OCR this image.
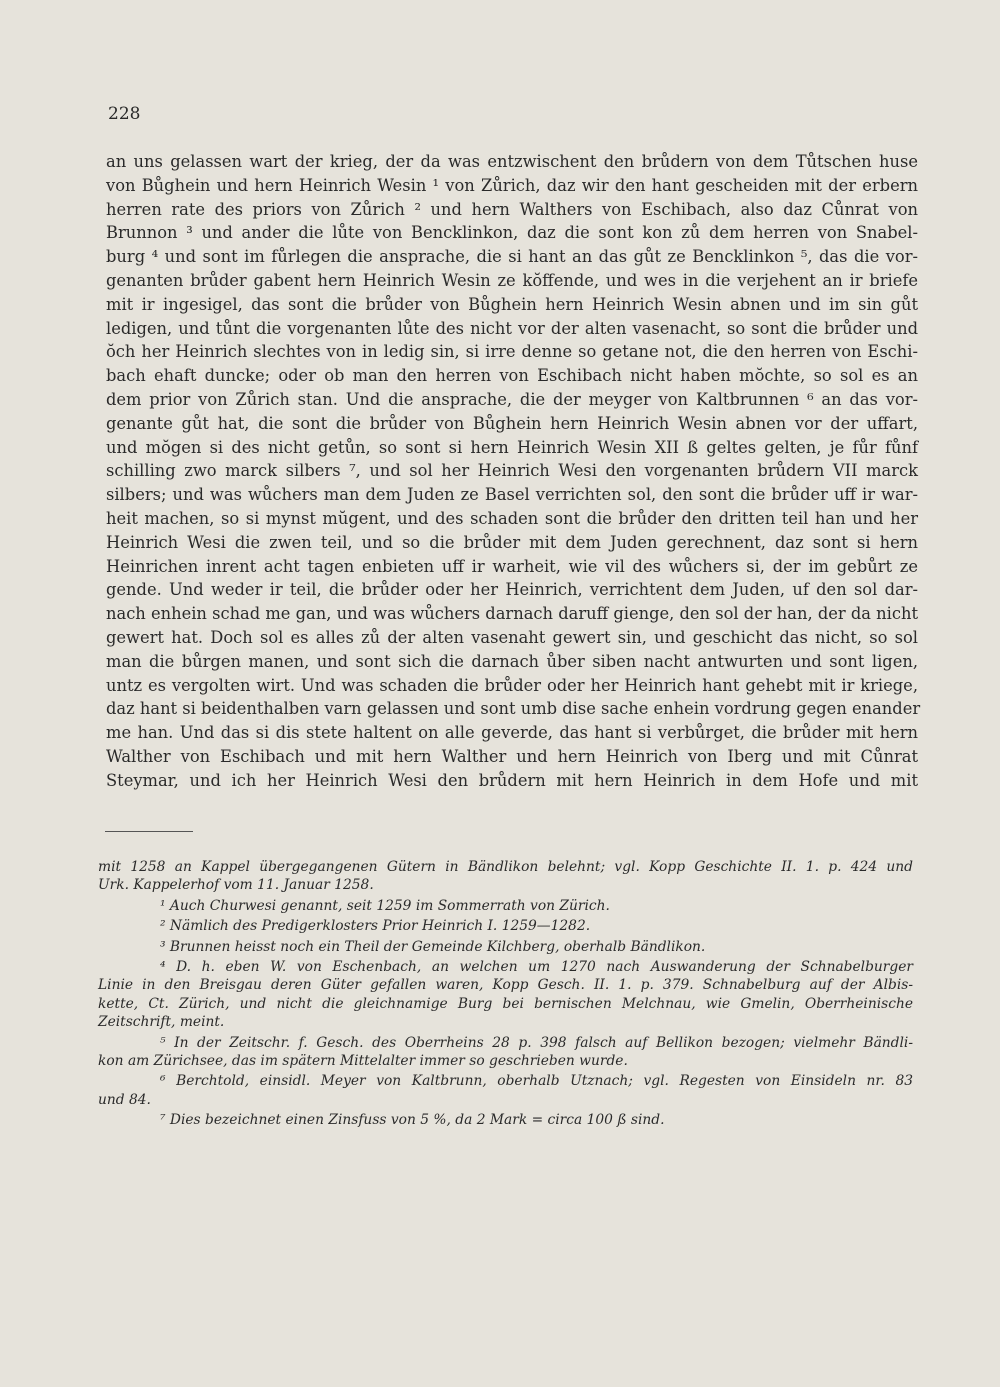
228
an uns gelassen wart der krieg, der da was entzwischent den brůdern von dem Tůtschen huse
von Bůghein und hern Heinrich Wesin ¹ von Zůrich, daz wir den hant gescheiden mit der erbern
herren rate des priors von Zůrich ² und hern Walthers von Eschibach, also daz Cůnrat von
Brunnon ³ und ander die lůte von Bencklinkon, daz die sont kon zů dem herren von Snabel-
burg ⁴ und sont im fůrlegen die ansprache, die si hant an das gůt ze Bencklinkon ⁵, das die vor-
genanten brůder gabent hern Heinrich Wesin ze kŏffende, und wes in die verjehent an ir briefe
mit ir ingesigel, das sont die brůder von Bůghein hern Heinrich Wesin abnen und im sin gůt
ledigen, und tůnt die vorgenanten lůte des nicht vor der alten vasenacht, so sont die brůder und
ŏch her Heinrich slechtes von in ledig sin, si irre denne so getane not, die den herren von Eschi-
bach ehaft duncke; oder ob man den herren von Eschibach nicht haben mŏchte, so sol es an
dem prior von Zůrich stan. Und die ansprache, die der meyger von Kaltbrunnen ⁶ an das vor-
genante gůt hat, die sont die brůder von Bůghein hern Heinrich Wesin abnen vor der uffart,
und mŏgen si des nicht getůn, so sont si hern Heinrich Wesin XII ß geltes gelten, je fůr fůnf
schilling zwo marck silbers ⁷, und sol her Heinrich Wesi den vorgenanten brůdern VII marck
silbers; und was wůchers man dem Juden ze Basel verrichten sol, den sont die brůder uff ir war-
heit machen, so si mynst mŭgent, und des schaden sont die brůder den dritten teil han und her
Heinrich Wesi die zwen teil, und so die brůder mit dem Juden gerechnent, daz sont si hern
Heinrichen inrent acht tagen enbieten uff ir warheit, wie vil des wůchers si, der im gebůrt ze
gende. Und weder ir teil, die brůder oder her Heinrich, verrichtent dem Juden, uf den sol dar-
nach enhein schad me gan, und was wůchers darnach daruff gienge, den sol der han, der da nicht
gewert hat. Doch sol es alles zů der alten vasenaht gewert sin, und geschicht das nicht, so sol
man die bůrgen manen, und sont sich die darnach ůber siben nacht antwurten und sont ligen,
untz es vergolten wirt. Und was schaden die brůder oder her Heinrich hant gehebt mit ir kriege,
daz hant si beidenthalben varn gelassen und sont umb dise sache enhein vordrung gegen enander
me han. Und das si dis stete haltent on alle geverde, das hant si verbůrget, die brůder mit hern
Walther von Eschibach und mit hern Walther und hern Heinrich von Iberg und mit Cůnrat
Steymar, und ich her Heinrich Wesi den brůdern mit hern Heinrich in dem Hofe und mit
mit 1258 an Kappel übergegangenen Gütern in Bändlikon belehnt; vgl. Kopp Geschichte II. 1. p. 424 und
Urk. Kappelerhof vom 11. Januar 1258.
¹ Auch Churwesi genannt, seit 1259 im Sommerrath von Zürich.
² Nämlich des Predigerklosters Prior Heinrich I. 1259—1282.
³ Brunnen heisst noch ein Theil der Gemeinde Kilchberg, oberhalb Bändlikon.
⁴ D. h. eben W. von Eschenbach, an welchen um 1270 nach Auswanderung der Schnabelburger
Linie in den Breisgau deren Güter gefallen waren, Kopp Gesch. II. 1. p. 379. Schnabelburg auf der Albis-
kette, Ct. Zürich, und nicht die gleichnamige Burg bei bernischen Melchnau, wie Gmelin, Oberrheinische
Zeitschrift, meint.
⁵ In der Zeitschr. f. Gesch. des Oberrheins 28 p. 398 falsch auf Bellikon bezogen; vielmehr Bändli-
kon am Zürichsee, das im spätern Mittelalter immer so geschrieben wurde.
⁶ Berchtold, einsidl. Meyer von Kaltbrunn, oberhalb Utznach; vgl. Regesten von Einsideln nr. 83
und 84.
⁷ Dies bezeichnet einen Zinsfuss von 5 %, da 2 Mark = circa 100 ß sind.
